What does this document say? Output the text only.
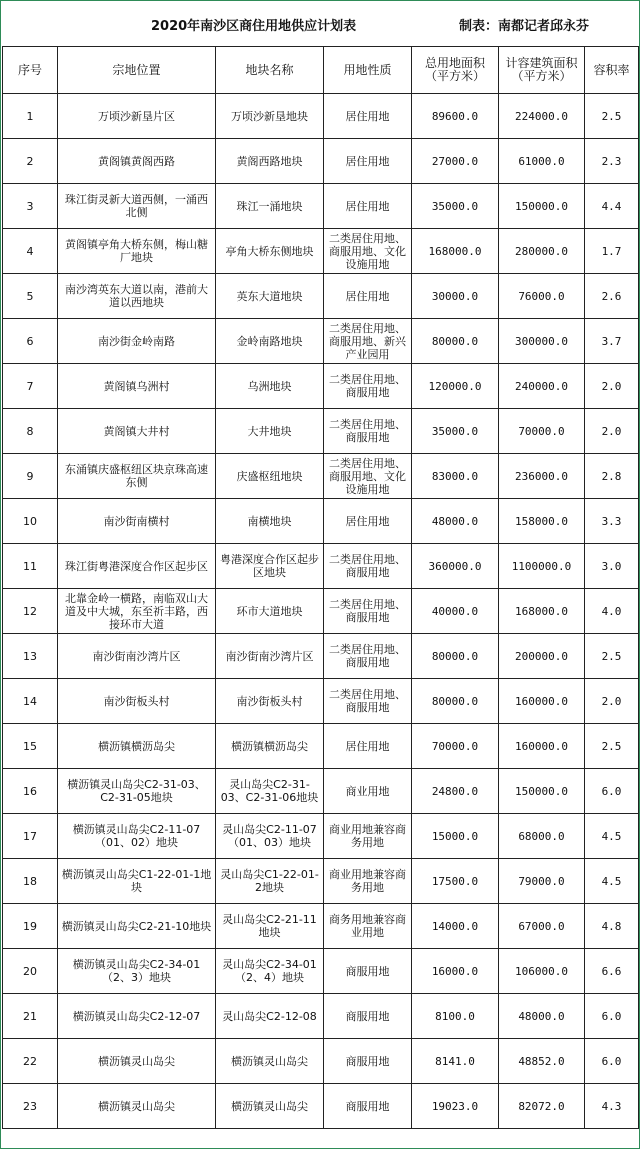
2020年南沙区商住用地供应计划表	制表：南都记者邱永芬
序号	宗地位置	地块名称	用地性质	总用地面积（平方米）	计容建筑面积（平方米）	容积率
1	万顷沙新垦片区	万顷沙新垦地块	居住用地	89600.0	224000.0	2.5
2	黄阁镇黄阁西路	黄阁西路地块	居住用地	27000.0	61000.0	2.3
3	珠江街灵新大道西侧，一涌西北侧	珠江一涌地块	居住用地	35000.0	150000.0	4.4
4	黄阁镇亭角大桥东侧，梅山糖厂地块	亭角大桥东侧地块	二类居住用地、商服用地、文化设施用地	168000.0	280000.0	1.7
5	南沙湾英东大道以南，港前大道以西地块	英东大道地块	居住用地	30000.0	76000.0	2.6
6	南沙街金岭南路	金岭南路地块	二类居住用地、商服用地、新兴产业园用	80000.0	300000.0	3.7
7	黄阁镇乌洲村	乌洲地块	二类居住用地、商服用地	120000.0	240000.0	2.0
8	黄阁镇大井村	大井地块	二类居住用地、商服用地	35000.0	70000.0	2.0
9	东涌镇庆盛枢纽区块京珠高速东侧	庆盛枢纽地块	二类居住用地、商服用地、文化设施用地	83000.0	236000.0	2.8
10	南沙街南横村	南横地块	居住用地	48000.0	158000.0	3.3
11	珠江街粤港深度合作区起步区	粤港深度合作区起步区地块	二类居住用地、商服用地	360000.0	1100000.0	3.0
12	北靠金岭一横路，南临双山大道及中大城，东至祈丰路，西接环市大道	环市大道地块	二类居住用地、商服用地	40000.0	168000.0	4.0
13	南沙街南沙湾片区	南沙街南沙湾片区	二类居住用地、商服用地	80000.0	200000.0	2.5
14	南沙街板头村	南沙街板头村	二类居住用地、商服用地	80000.0	160000.0	2.0
15	横沥镇横沥岛尖	横沥镇横沥岛尖	居住用地	70000.0	160000.0	2.5
16	横沥镇灵山岛尖C2-31-03、C2-31-05地块	灵山岛尖C2-31-03、C2-31-06地块	商业用地	24800.0	150000.0	6.0
17	横沥镇灵山岛尖C2-11-07（01、02）地块	灵山岛尖C2-11-07（01、03）地块	商业用地兼容商务用地	15000.0	68000.0	4.5
18	横沥镇灵山岛尖C1-22-01-1地块	灵山岛尖C1-22-01-2地块	商业用地兼容商务用地	17500.0	79000.0	4.5
19	横沥镇灵山岛尖C2-21-10地块	灵山岛尖C2-21-11地块	商务用地兼容商业用地	14000.0	67000.0	4.8
20	横沥镇灵山岛尖C2-34-01（2、3）地块	灵山岛尖C2-34-01（2、4）地块	商服用地	16000.0	106000.0	6.6
21	横沥镇灵山岛尖C2-12-07	灵山岛尖C2-12-08	商服用地	8100.0	48000.0	6.0
22	横沥镇灵山岛尖	横沥镇灵山岛尖	商服用地	8141.0	48852.0	6.0
23	横沥镇灵山岛尖	横沥镇灵山岛尖	商服用地	19023.0	82072.0	4.3
